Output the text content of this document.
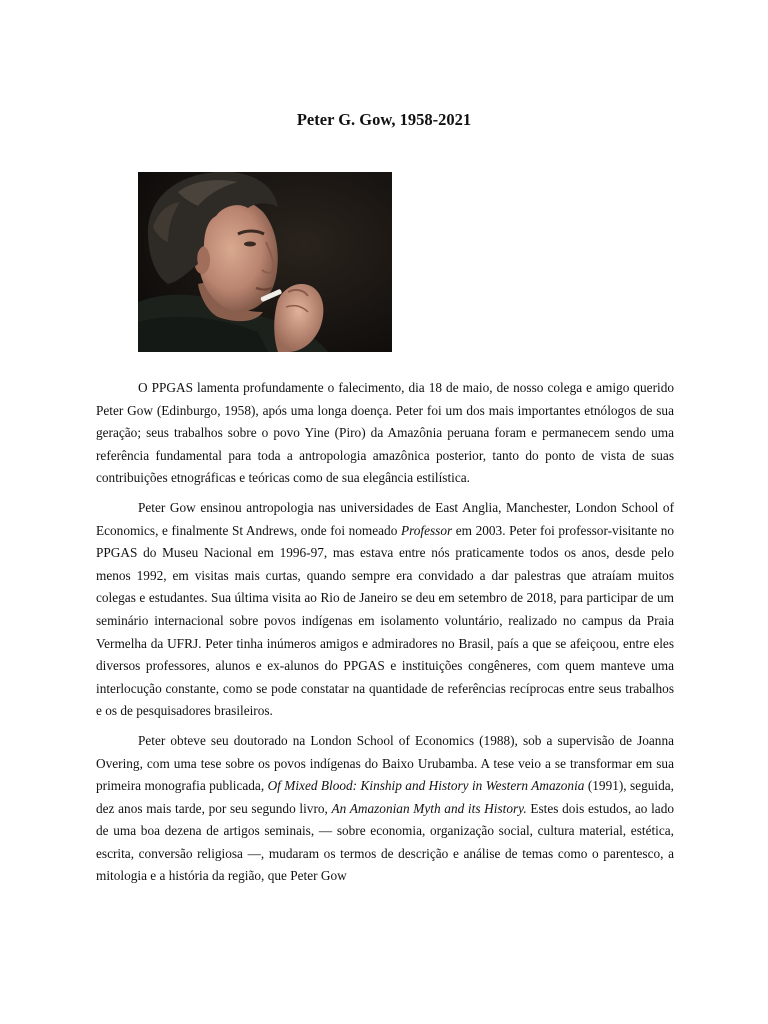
Peter G. Gow, 1958-2021

O PPGAS lamenta profundamente o falecimento, dia 18 de maio, de nosso colega e amigo querido Peter Gow (Edinburgo, 1958), após uma longa doença. Peter foi um dos mais importantes etnólogos de sua geração; seus trabalhos sobre o povo Yine (Piro) da Amazônia peruana foram e permanecem sendo uma referência fundamental para toda a antropologia amazônica posterior, tanto do ponto de vista de suas contribuições etnográficas e teóricas como de sua elegância estilística.

Peter Gow ensinou antropologia nas universidades de East Anglia, Manchester, London School of Economics, e finalmente St Andrews, onde foi nomeado Professor em 2003. Peter foi professor-visitante no PPGAS do Museu Nacional em 1996-97, mas estava entre nós praticamente todos os anos, desde pelo menos 1992, em visitas mais curtas, quando sempre era convidado a dar palestras que atraíam muitos colegas e estudantes. Sua última visita ao Rio de Janeiro se deu em setembro de 2018, para participar de um seminário internacional sobre povos indígenas em isolamento voluntário, realizado no campus da Praia Vermelha da UFRJ. Peter tinha inúmeros amigos e admiradores no Brasil, país a que se afeiçoou, entre eles diversos professores, alunos e ex-alunos do PPGAS e instituições congêneres, com quem manteve uma interlocução constante, como se pode constatar na quantidade de referências recíprocas entre seus trabalhos e os de pesquisadores brasileiros.

Peter obteve seu doutorado na London School of Economics (1988), sob a supervisão de Joanna Overing, com uma tese sobre os povos indígenas do Baixo Urubamba. A tese veio a se transformar em sua primeira monografia publicada, Of Mixed Blood: Kinship and History in Western Amazonia (1991), seguida, dez anos mais tarde, por seu segundo livro, An Amazonian Myth and its History. Estes dois estudos, ao lado de uma boa dezena de artigos seminais, — sobre economia, organização social, cultura material, estética, escrita, conversão religiosa —, mudaram os termos de descrição e análise de temas como o parentesco, a mitologia e a história da região, que Peter Gow
